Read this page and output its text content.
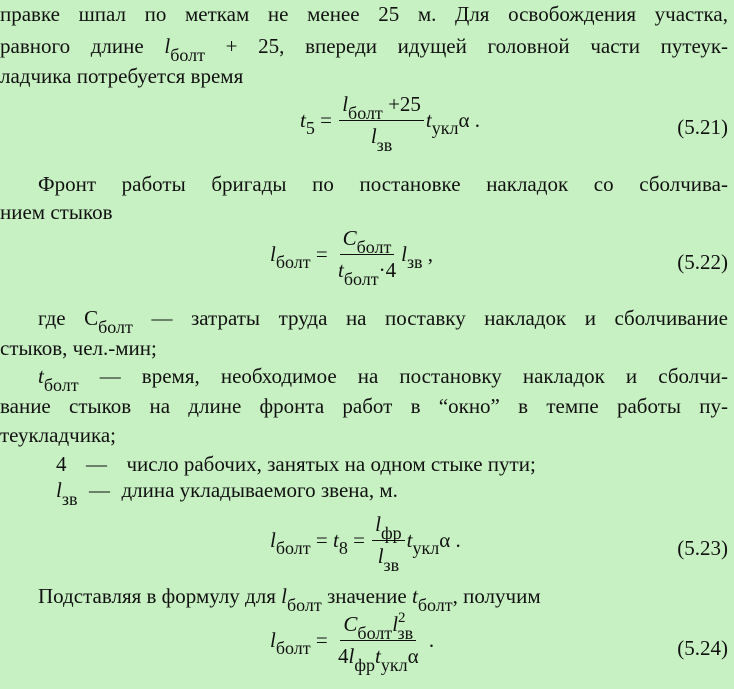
правке шпал по меткам не менее 25 м. Для освобождения участка,
равного длине lболт + 25, впереди идущей головной части путеук-
ладчика потребуется время
t $5 = \frac{\text{lболт +25}}{\text{lзв}}$ t укл α
.	(5.21)
Фронт работы бригады по постановке накладок со сболчива-
нием стыков
l болт = $\frac{\text{Cболт}}{\text{tболт·4}}$ l зв
,	(5.22)
где Сболт — затраты труда на поставку накладок и сболчивание
стыков, чел.-мин;
tболт — время, необходимое на постановку накладок и сболчи-
вание стыков на длине фронта работ в “окно” в темпе работы пу-
теукладчика;
4 — число рабочих, занятых на одном стыке пути;
lзв — длина укладываемого звена, м.
l болт = t $8 = \frac{\text{lфр}}{\text{lзв}}$ t укл α
.	(5.23)
Подставляя в формулу для lболт значение tболт, получим
l болт = $\frac{Cболтl^2зв}{\text{4lфрtуклα}}$
.	(5.24)
